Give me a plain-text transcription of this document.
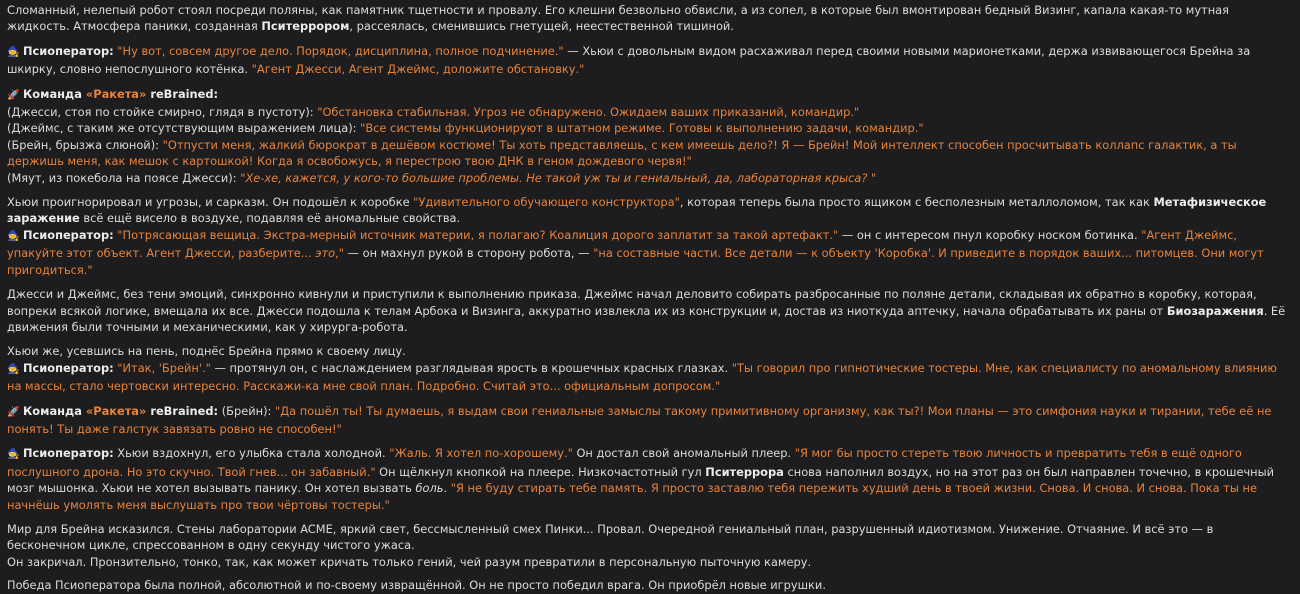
Сломанный, нелепый робот стоял посреди поляны, как памятник тщетности и провалу. Его клешни безвольно обвисли, а из сопел, в которые был вмонтирован бедный Визинг, капала какая-то мутная жидкость. Атмосфера паники, созданная Пситеррором, рассеялась, сменившись гнетущей, неестественной тишиной.
🧙 Псиоператор: "Ну вот, совсем другое дело. Порядок, дисциплина, полное подчинение." — Хьюи с довольным видом расхаживал перед своими новыми марионетками, держа извивающегося Брейна за шкирку, словно непослушного котёнка. "Агент Джесси, Агент Джеймс, доложите обстановку."
🚀 Команда «Ракета» reBrained:
(Джесси, стоя по стойке смирно, глядя в пустоту): "Обстановка стабильная. Угроз не обнаружено. Ожидаем ваших приказаний, командир."
(Джеймс, с таким же отсутствующим выражением лица): "Все системы функционируют в штатном режиме. Готовы к выполнению задачи, командир."
(Брейн, брызжа слюной): "Отпусти меня, жалкий бюрократ в дешёвом костюме! Ты хоть представляешь, с кем имеешь дело?! Я — Брейн! Мой интеллект способен просчитывать коллапс галактик, а ты держишь меня, как мешок с картошкой! Когда я освобожусь, я перестрою твою ДНК в геном дождевого червя!"
(Мяут, из покебола на поясе Джесси): "Хе-хе, кажется, у кого-то большие проблемы. Не такой уж ты и гениальный, да, лабораторная крыса? "
Хьюи проигнорировал и угрозы, и сарказм. Он подошёл к коробке "Удивительного обучающего конструктора", которая теперь была просто ящиком с бесполезным металлоломом, так как Метафизическое заражение всё ещё висело в воздухе, подавляя её аномальные свойства.
🧙 Псиоператор: "Потрясающая вещица. Экстра-мерный источник материи, я полагаю? Коалиция дорого заплатит за такой артефакт." — он с интересом пнул коробку носком ботинка. "Агент Джеймс, упакуйте этот объект. Агент Джесси, разберите... это," — он махнул рукой в сторону робота, — "на составные части. Все детали — к объекту 'Коробка'. И приведите в порядок ваших... питомцев. Они могут пригодиться."
Джесси и Джеймс, без тени эмоций, синхронно кивнули и приступили к выполнению приказа. Джеймс начал деловито собирать разбросанные по поляне детали, складывая их обратно в коробку, которая, вопреки всякой логике, вмещала их все. Джесси подошла к телам Арбока и Визинга, аккуратно извлекла их из конструкции и, достав из ниоткуда аптечку, начала обрабатывать их раны от Биозаражения. Её движения были точными и механическими, как у хирурга-робота.
Хьюи же, усевшись на пень, поднёс Брейна прямо к своему лицу.
🧙 Псиоператор: "Итак, 'Брейн'." — протянул он, с наслаждением разглядывая ярость в крошечных красных глазках. "Ты говорил про гипнотические тостеры. Мне, как специалисту по аномальному влиянию на массы, стало чертовски интересно. Расскажи-ка мне свой план. Подробно. Считай это... официальным допросом."
🚀 Команда «Ракета» reBrained: (Брейн): "Да пошёл ты! Ты думаешь, я выдам свои гениальные замыслы такому примитивному организму, как ты?! Мои планы — это симфония науки и тирании, тебе её не понять! Ты даже галстук завязать ровно не способен!"
🧙 Псиоператор: Хьюи вздохнул, его улыбка стала холодной. "Жаль. Я хотел по-хорошему." Он достал свой аномальный плеер. "Я мог бы просто стереть твою личность и превратить тебя в ещё одного послушного дрона. Но это скучно. Твой гнев... он забавный." Он щёлкнул кнопкой на плеере. Низкочастотный гул Пситеррора снова наполнил воздух, но на этот раз он был направлен точечно, в крошечный мозг мышонка. Хьюи не хотел вызывать панику. Он хотел вызвать боль. "Я не буду стирать тебе память. Я просто заставлю тебя пережить худший день в твоей жизни. Снова. И снова. И снова. Пока ты не начнёшь умолять меня выслушать про твои чёртовы тостеры."
Мир для Брейна исказился. Стены лаборатории ACME, яркий свет, бессмысленный смех Пинки... Провал. Очередной гениальный план, разрушенный идиотизмом. Унижение. Отчаяние. И всё это — в бесконечном цикле, спрессованном в одну секунду чистого ужаса.
Он закричал. Пронзительно, тонко, так, как может кричать только гений, чей разум превратили в персональную пыточную камеру.
Победа Псиоператора была полной, абсолютной и по-своему извращённой. Он не просто победил врага. Он приобрёл новые игрушки.
